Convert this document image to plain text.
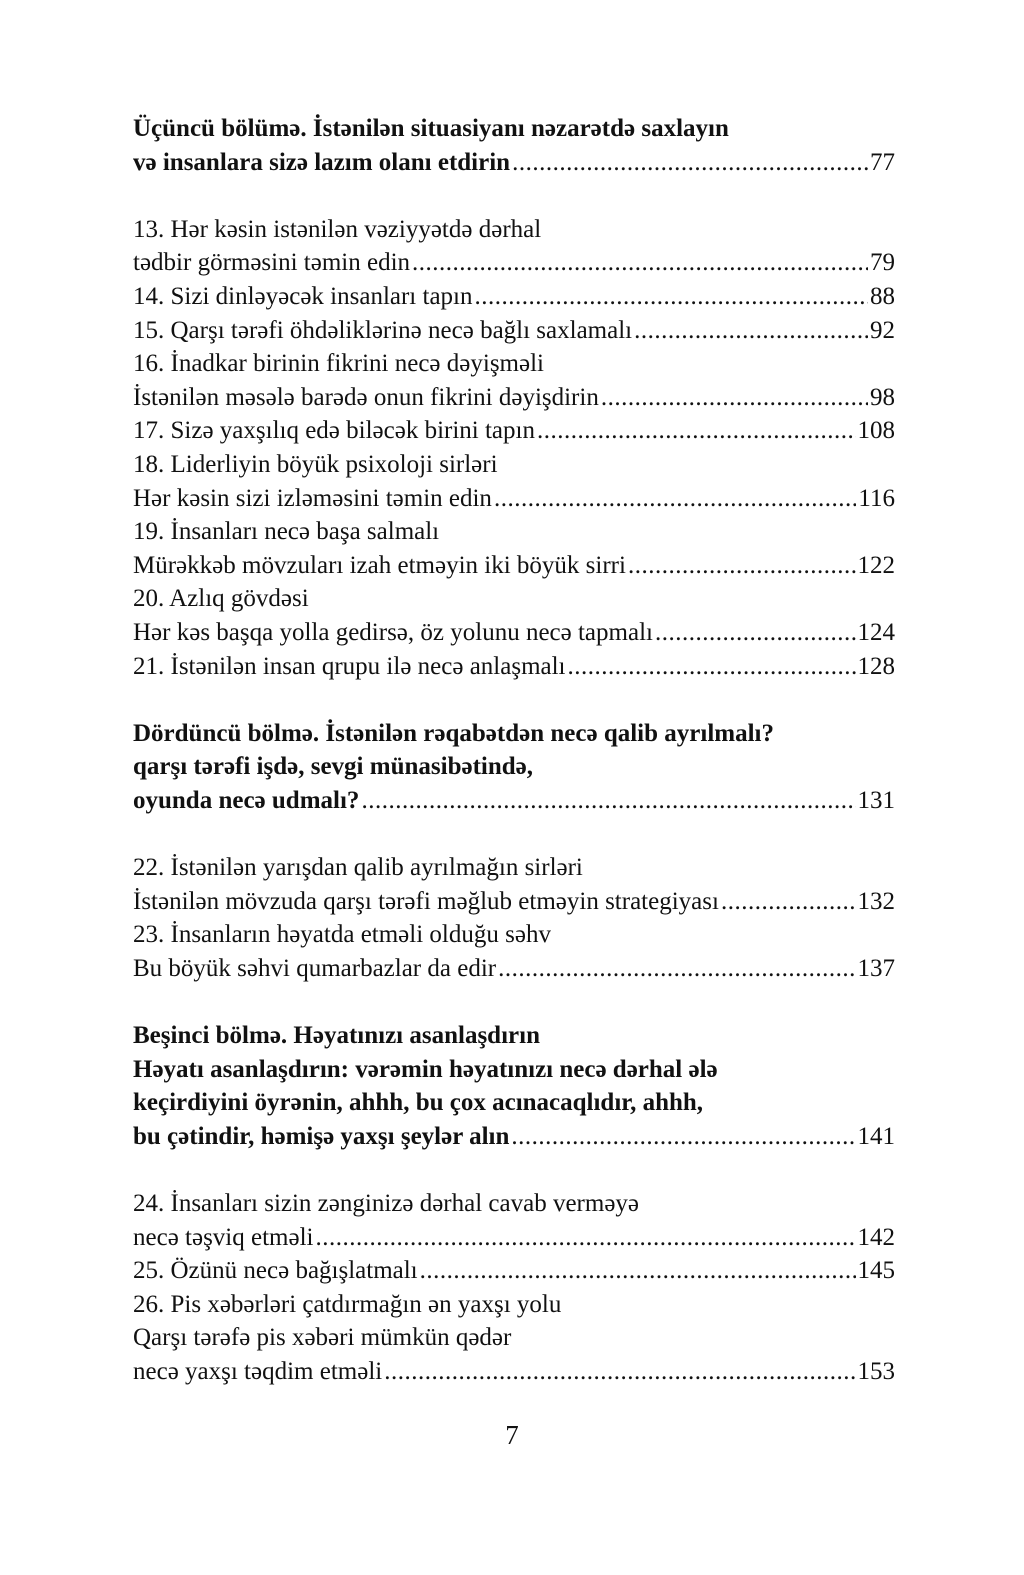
Üçüncü bölümə. İstənilən situasiyanı nəzarətdə saxlayın
və insanlara sizə lazım olanı etdirin .....	77
13. Hər kəsin istənilən vəziyyətdə dərhal
tədbir görməsini təmin edin .....	79
14. Sizi dinləyəcək insanları tapın .....	88
15. Qarşı tərəfi öhdəliklərinə necə bağlı saxlamalı .....	92
16. İnadkar birinin fikrini necə dəyişməli
İstənilən məsələ barədə onun fikrini dəyişdirin .....	98
17. Sizə yaxşılıq edə biləcək birini tapın .....	108
18. Liderliyin böyük psixoloji sirləri
Hər kəsin sizi izləməsini təmin edin .....	116
19. İnsanları necə başa salmalı
Mürəkkəb mövzuları izah etməyin iki böyük sirri .....	122
20. Azlıq gövdəsi
Hər kəs başqa yolla gedirsə, öz yolunu necə tapmalı .....	124
21. İstənilən insan qrupu ilə necə anlaşmalı .....	128
Dördüncü bölmə. İstənilən rəqabətdən necə qalib ayrılmalı?
qarşı tərəfi işdə, sevgi münasibətində,
oyunda necə udmalı? .....	131
22. İstənilən yarışdan qalib ayrılmağın sirləri
İstənilən mövzuda qarşı tərəfi məğlub etməyin strategiyası .....	132
23. İnsanların həyatda etməli olduğu səhv
Bu böyük səhvi qumarbazlar da edir .....	137
Beşinci bölmə. Həyatınızı asanlaşdırın
Həyatı asanlaşdırın: vərəmin həyatınızı necə dərhal ələ
keçirdiyini öyrənin, ahhh, bu çox acınacaqlıdır, ahhh,
bu çətindir, həmişə yaxşı şeylər alın .....	141
24. İnsanları sizin zənginizə dərhal cavab verməyə
necə təşviq etməli .....	142
25. Özünü necə bağışlatmalı .....	145
26. Pis xəbərləri çatdırmağın ən yaxşı yolu
Qarşı tərəfə pis xəbəri mümkün qədər
necə yaxşı təqdim etməli .....	153
7
